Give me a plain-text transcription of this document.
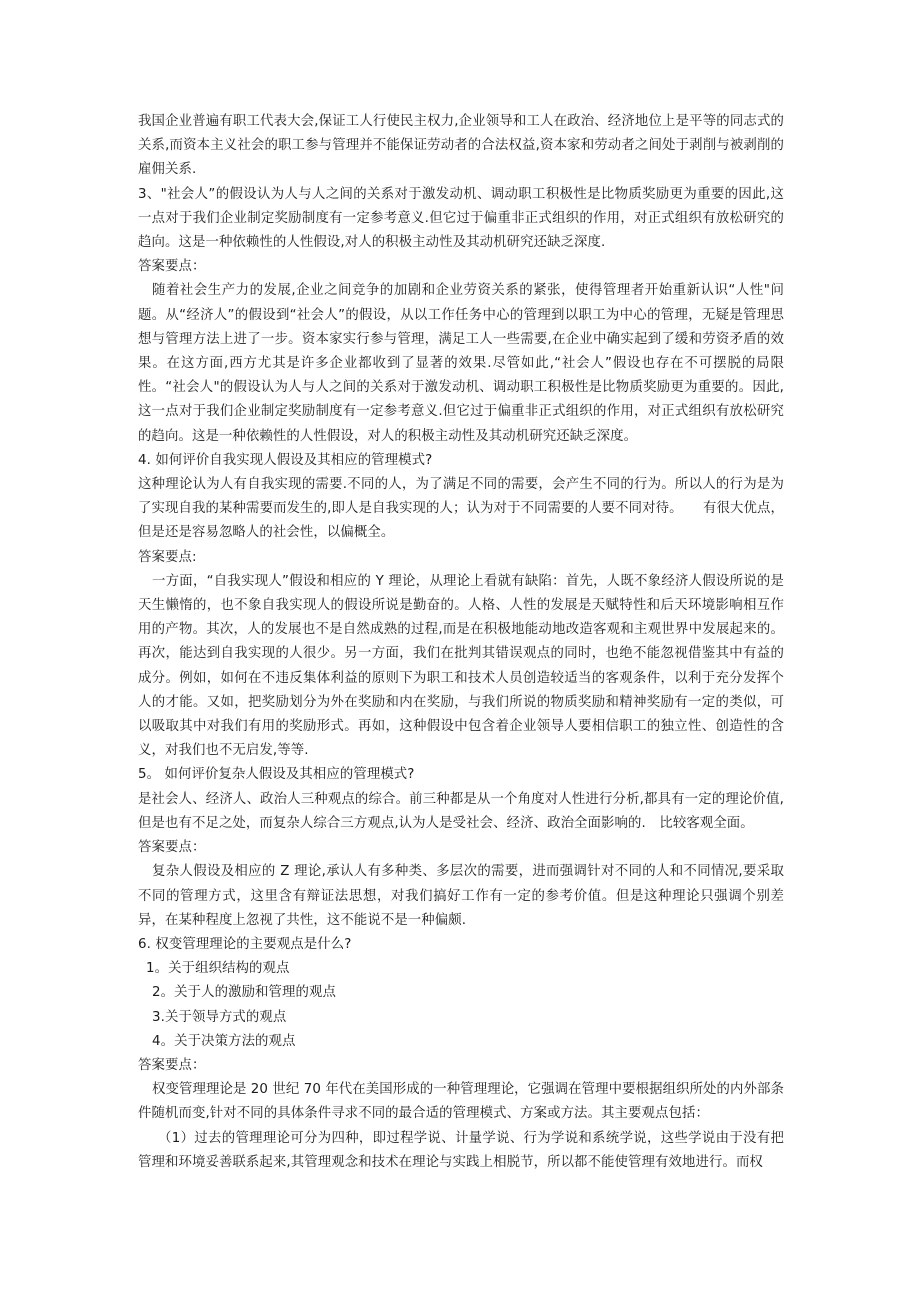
我国企业普遍有职工代表大会,保证工人行使民主权力,企业领导和工人在政治、经济地位上是平等的同志式的关系,而资本主义社会的职工参与管理并不能保证劳动者的合法权益,资本家和劳动者之间处于剥削与被剥削的雇佣关系.

3、"社会人”的假设认为人与人之间的关系对于激发动机、调动职工积极性是比物质奖励更为重要的因此,这一点对于我们企业制定奖励制度有一定参考意义.但它过于偏重非正式组织的作用，对正式组织有放松研究的趋向。这是一种依赖性的人性假设,对人的积极主动性及其动机研究还缺乏深度.

答案要点：

随着社会生产力的发展,企业之间竞争的加剧和企业劳资关系的紧张，使得管理者开始重新认识“人性"问题。从“经济人”的假设到“社会人”的假设，从以工作任务中心的管理到以职工为中心的管理，无疑是管理思想与管理方法上进了一步。资本家实行参与管理，满足工人一些需要,在企业中确实起到了缓和劳资矛盾的效果。在这方面,西方尤其是许多企业都收到了显著的效果.尽管如此,“社会人”假设也存在不可摆脱的局限性。“社会人"的假设认为人与人之间的关系对于激发动机、调动职工积极性是比物质奖励更为重要的。因此,这一点对于我们企业制定奖励制度有一定参考意义.但它过于偏重非正式组织的作用，对正式组织有放松研究的趋向。这是一种依赖性的人性假设，对人的积极主动性及其动机研究还缺乏深度。

4. 如何评价自我实现人假设及其相应的管理模式?

这种理论认为人有自我实现的需要.不同的人，为了满足不同的需要，会产生不同的行为。所以人的行为是为了实现自我的某种需要而发生的,即人是自我实现的人；认为对于不同需要的人要不同对待。　　有很大优点，但是还是容易忽略人的社会性，以偏概全。

答案要点:

一方面，“自我实现人”假设和相应的 Y 理论，从理论上看就有缺陷：首先，人既不象经济人假设所说的是天生懒惰的，也不象自我实现人的假设所说是勤奋的。人格、人性的发展是天赋特性和后天环境影响相互作用的产物。其次，人的发展也不是自然成熟的过程,而是在积极地能动地改造客观和主观世界中发展起来的。再次，能达到自我实现的人很少。另一方面，我们在批判其错误观点的同时，也绝不能忽视借鉴其中有益的成分。例如，如何在不违反集体利益的原则下为职工和技术人员创造较适当的客观条件，以利于充分发挥个人的才能。又如，把奖励划分为外在奖励和内在奖励，与我们所说的物质奖励和精神奖励有一定的类似，可以吸取其中对我们有用的奖励形式。再如，这种假设中包含着企业领导人要相信职工的独立性、创造性的含义，对我们也不无启发,等等.

5。 如何评价复杂人假设及其相应的管理模式?

是社会人、经济人、政治人三种观点的综合。前三种都是从一个角度对人性进行分析,都具有一定的理论价值,但是也有不足之处，而复杂人综合三方观点,认为人是受社会、经济、政治全面影响的.　比较客观全面。

答案要点：

复杂人假设及相应的 Z 理论,承认人有多种类、多层次的需要，进而强调针对不同的人和不同情况,要采取不同的管理方式，这里含有辩证法思想，对我们搞好工作有一定的参考价值。但是这种理论只强调个别差异，在某种程度上忽视了共性，这不能说不是一种偏颇.

6. 权变管理理论的主要观点是什么?

1。关于组织结构的观点

2。关于人的激励和管理的观点

3.关于领导方式的观点

4。关于决策方法的观点

答案要点：

权变管理理论是 20 世纪 70 年代在美国形成的一种管理理论，它强调在管理中要根据组织所处的内外部条件随机而变,针对不同的具体条件寻求不同的最合适的管理模式、方案或方法。其主要观点包括：

（1）过去的管理理论可分为四种，即过程学说、计量学说、行为学说和系统学说，这些学说由于没有把管理和环境妥善联系起来,其管理观念和技术在理论与实践上相脱节，所以都不能使管理有效地进行。而权
